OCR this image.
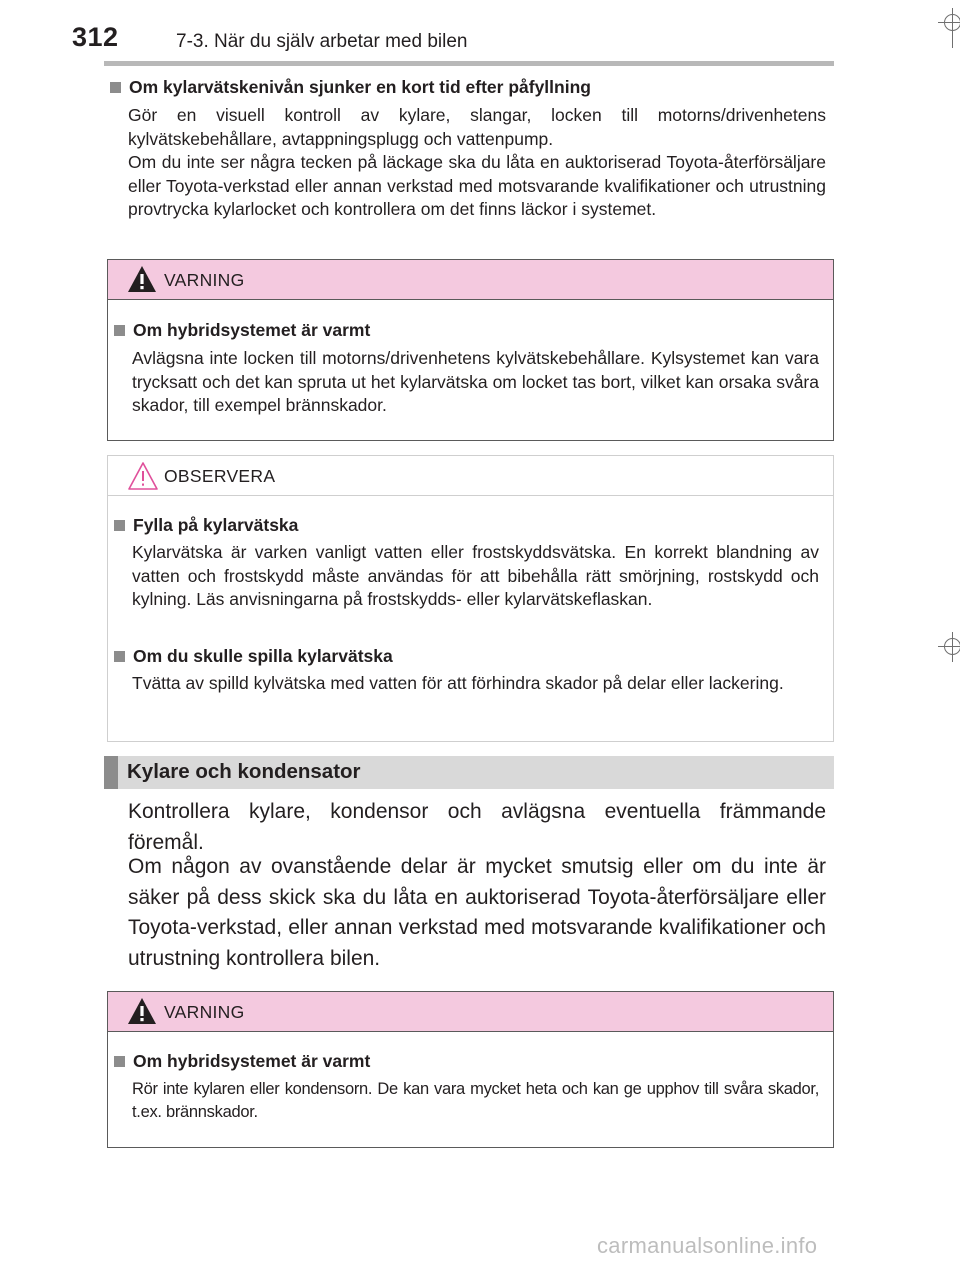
312	7-3. När du själv arbetar med bilen
Om kylarvätskenivån sjunker en kort tid efter påfyllning
Gör en visuell kontroll av kylare, slangar, locken till motorns/drivenhetens kylvätskebehållare, avtappningsplugg och vattenpump.
Om du inte ser några tecken på läckage ska du låta en auktoriserad Toyota-återförsäljare eller Toyota-verkstad eller annan verkstad med motsvarande kvalifikationer och utrustning provtrycka kylarlocket och kontrollera om det finns läckor i systemet.
VARNING
Om hybridsystemet är varmt
Avlägsna inte locken till motorns/drivenhetens kylvätskebehållare. Kylsystemet kan vara trycksatt och det kan spruta ut het kylarvätska om locket tas bort, vilket kan orsaka svåra skador, till exempel brännskador.
OBSERVERA
Fylla på kylarvätska
Kylarvätska är varken vanligt vatten eller frostskyddsvätska. En korrekt blandning av vatten och frostskydd måste användas för att bibehålla rätt smörjning, rostskydd och kylning. Läs anvisningarna på frostskydds- eller kylarvätskeflaskan.
Om du skulle spilla kylarvätska
Tvätta av spilld kylvätska med vatten för att förhindra skador på delar eller lackering.
Kylare och kondensator
Kontrollera kylare, kondensor och avlägsna eventuella främmande föremål.
Om någon av ovanstående delar är mycket smutsig eller om du inte är säker på dess skick ska du låta en auktoriserad Toyota-återförsäljare eller Toyota-verkstad, eller annan verkstad med motsvarande kvalifikationer och utrustning kontrollera bilen.
VARNING
Om hybridsystemet är varmt
Rör inte kylaren eller kondensorn. De kan vara mycket heta och kan ge upphov till svåra skador, t.ex. brännskador.
carmanualsonline.info
